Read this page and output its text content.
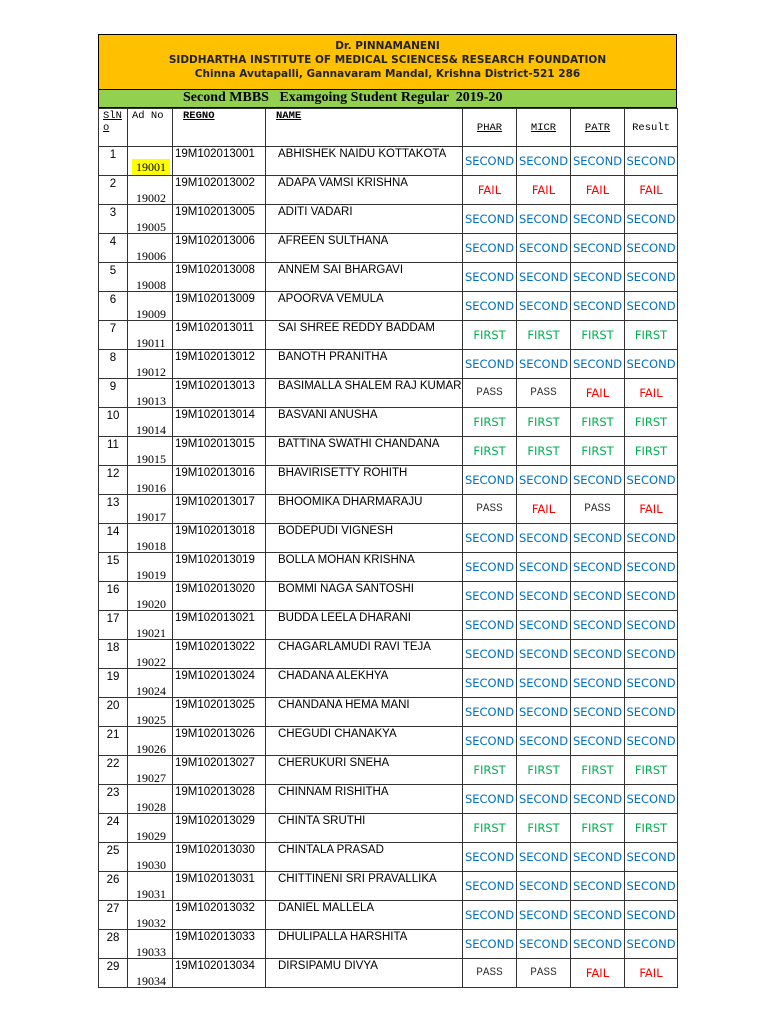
Dr. PINNAMANENI
SIDDHARTHA INSTITUTE OF MEDICAL SCIENCES& RESEARCH FOUNDATION
Chinna Avutapalli, Gannavaram Mandal, Krishna District-521 286
Second MBBS   Examgoing Student Regular  2019-20
SlNo	Ad No	REGNO	NAME	PHAR	MICR	PATR	Result

1	19001	19M102013001	ABHISHEK NAIDU KOTTAKOTA	SECOND	SECOND	SECOND	SECOND

2	19002	19M102013002	ADAPA VAMSI KRISHNA	FAIL	FAIL	FAIL	FAIL

3	19005	19M102013005	ADITI VADARI	SECOND	SECOND	SECOND	SECOND

4	19006	19M102013006	AFREEN SULTHANA	SECOND	SECOND	SECOND	SECOND

5	19008	19M102013008	ANNEM SAI BHARGAVI	SECOND	SECOND	SECOND	SECOND

6	19009	19M102013009	APOORVA VEMULA	SECOND	SECOND	SECOND	SECOND

7	19011	19M102013011	SAI SHREE REDDY BADDAM	FIRST	FIRST	FIRST	FIRST

8	19012	19M102013012	BANOTH PRANITHA	SECOND	SECOND	SECOND	SECOND

9	19013	19M102013013	BASIMALLA SHALEM RAJ KUMAR	PASS	PASS	FAIL	FAIL

10	19014	19M102013014	BASVANI ANUSHA	FIRST	FIRST	FIRST	FIRST

11	19015	19M102013015	BATTINA SWATHI CHANDANA	FIRST	FIRST	FIRST	FIRST

12	19016	19M102013016	BHAVIRISETTY ROHITH	SECOND	SECOND	SECOND	SECOND

13	19017	19M102013017	BHOOMIKA DHARMARAJU	PASS	FAIL	PASS	FAIL

14	19018	19M102013018	BODEPUDI VIGNESH	SECOND	SECOND	SECOND	SECOND

15	19019	19M102013019	BOLLA MOHAN KRISHNA	SECOND	SECOND	SECOND	SECOND

16	19020	19M102013020	BOMMI NAGA SANTOSHI	SECOND	SECOND	SECOND	SECOND

17	19021	19M102013021	BUDDA LEELA DHARANI	SECOND	SECOND	SECOND	SECOND

18	19022	19M102013022	CHAGARLAMUDI RAVI TEJA	SECOND	SECOND	SECOND	SECOND

19	19024	19M102013024	CHADANA ALEKHYA	SECOND	SECOND	SECOND	SECOND

20	19025	19M102013025	CHANDANA HEMA MANI	SECOND	SECOND	SECOND	SECOND

21	19026	19M102013026	CHEGUDI CHANAKYA	SECOND	SECOND	SECOND	SECOND

22	19027	19M102013027	CHERUKURI SNEHA	FIRST	FIRST	FIRST	FIRST

23	19028	19M102013028	CHINNAM RISHITHA	SECOND	SECOND	SECOND	SECOND

24	19029	19M102013029	CHINTA SRUTHI	FIRST	FIRST	FIRST	FIRST

25	19030	19M102013030	CHINTALA PRASAD	SECOND	SECOND	SECOND	SECOND

26	19031	19M102013031	CHITTINENI SRI PRAVALLIKA	SECOND	SECOND	SECOND	SECOND

27	19032	19M102013032	DANIEL MALLELA	SECOND	SECOND	SECOND	SECOND

28	19033	19M102013033	DHULIPALLA HARSHITA	SECOND	SECOND	SECOND	SECOND

29	19034	19M102013034	DIRSIPAMU DIVYA	PASS	PASS	FAIL	FAIL
